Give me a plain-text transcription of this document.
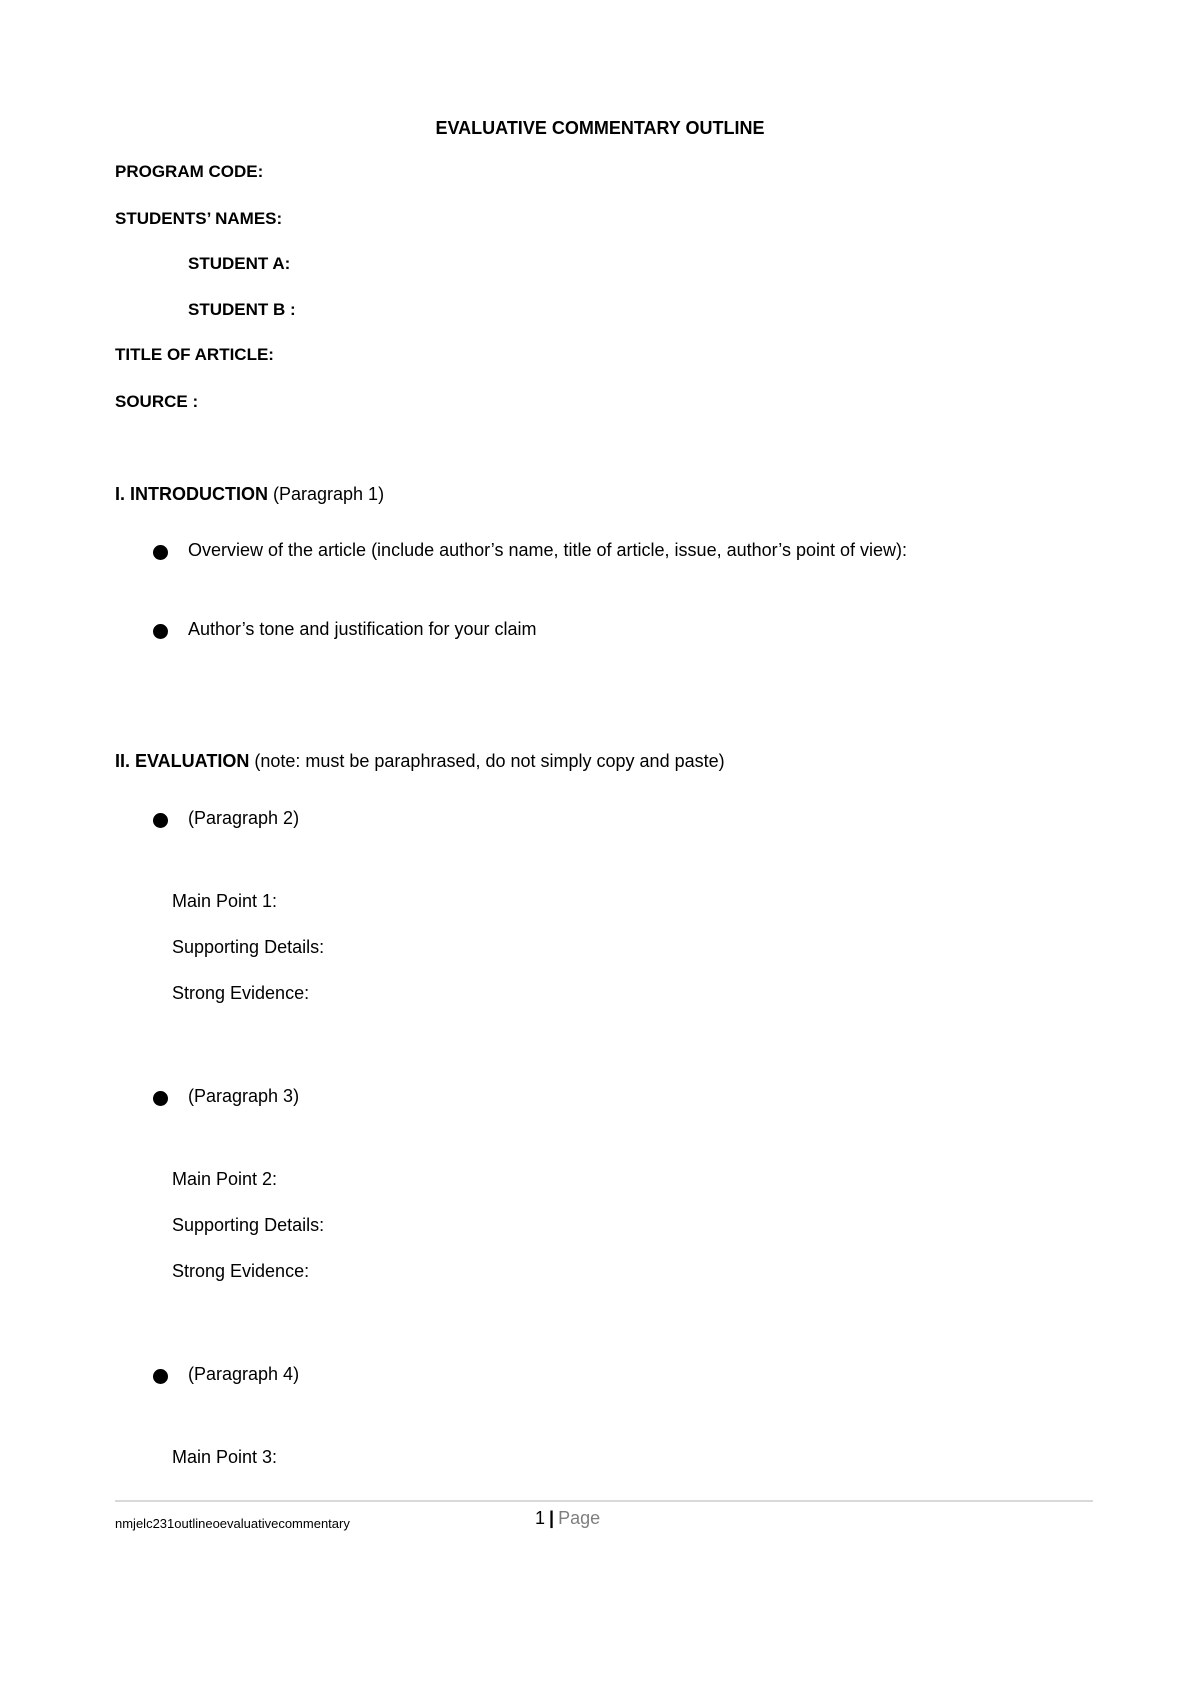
EVALUATIVE COMMENTARY OUTLINE
PROGRAM CODE:
STUDENTS’ NAMES:
STUDENT A:
STUDENT B :
TITLE OF ARTICLE:
SOURCE :
I. INTRODUCTION (Paragraph 1)
Overview of the article (include author’s name, title of article, issue, author’s point of view):
Author’s tone and justification for your claim
II. EVALUATION (note: must be paraphrased, do not simply copy and paste)
(Paragraph 2)
Main Point 1:
Supporting Details:
Strong Evidence:
(Paragraph 3)
Main Point 2:
Supporting Details:
Strong Evidence:
(Paragraph 4)
Main Point 3:
nmjelc231outlineoevaluativecommentary	1 | Page
